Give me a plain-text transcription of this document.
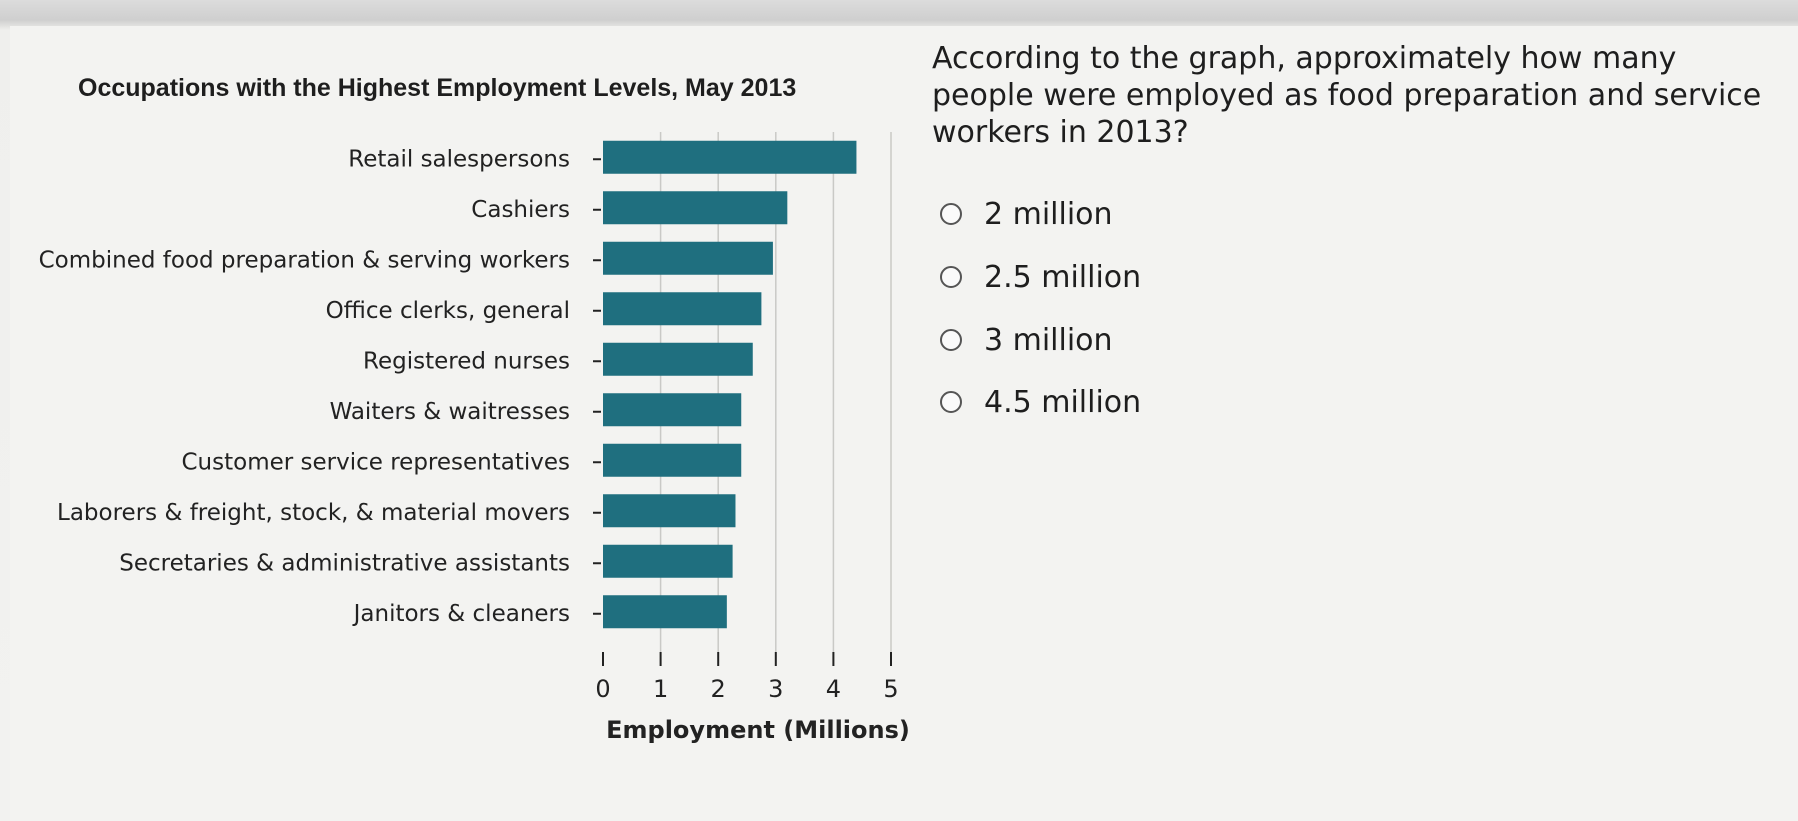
Occupations with the Highest Employment Levels, May 2013
Retail salespersons
Cashiers
Combined food preparation & serving workers
Office clerks, general
Registered nurses
Waiters & waitresses
Customer service representatives
Laborers & freight, stock, & material movers
Secretaries & administrative assistants
Janitors & cleaners
0 1 2 3 4 5
Employment (Millions)
According to the graph, approximately how many people were employed as food preparation and service workers in 2013?
2 million
2.5 million
3 million
4.5 million
